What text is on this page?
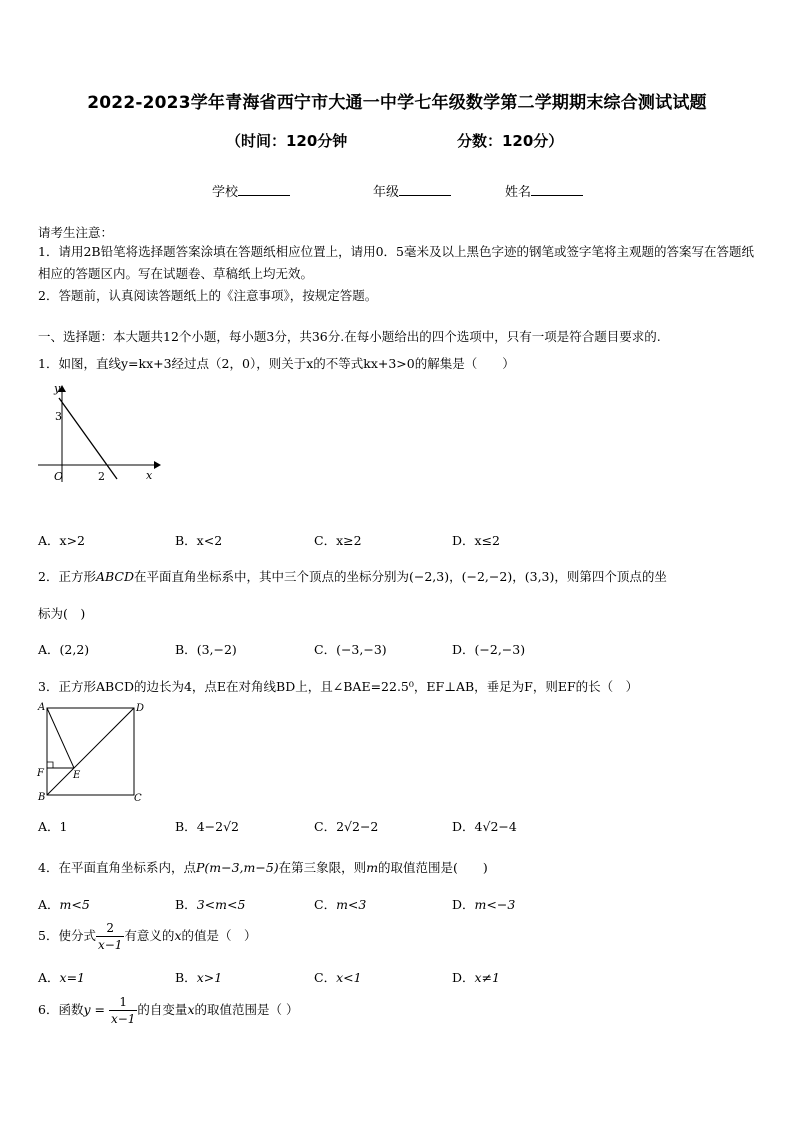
2022-2023学年青海省西宁市大通一中学七年级数学第二学期期末综合测试试题
（时间：120分钟	分数：120分）
学校	年级	姓名
请考生注意：
1．请用2B铅笔将选择题答案涂填在答题纸相应位置上，请用0．5毫米及以上黑色字迹的钢笔或签字笔将主观题的答案写在答题纸相应的答题区内。写在试题卷、草稿纸上均无效。
2．答题前，认真阅读答题纸上的《注意事项》，按规定答题。
一、选择题：本大题共12个小题，每小题3分，共36分.在每小题给出的四个选项中，只有一项是符合题目要求的.
1．如图，直线y=kx+3经过点（2，0），则关于x的不等式kx+3>0的解集是（　　）
y
x
O
3
2
A．x>2	B．x<2	C．x≥2	D．x≤2
2．正方形ABCD在平面直角坐标系中，其中三个顶点的坐标分别为(−2,3)，(−2,−2)，(3,3)，则第四个顶点的坐
标为(　)
A．(2,2)	B．(3,−2)	C．(−3,−3)	D．(−2,−3)
3．正方形ABCD的边长为4，点E在对角线BD上，且∠BAE=22.5⁰，EF⊥AB，垂足为F，则EF的长（　）
A	D
B	C
F	E
A．1	B．4−2√2	C．2√2−2	D．4√2−4
4．在平面直角坐标系内，点P(m−3,m−5)在第三象限，则m的取值范围是(　　)
A．m<5	B．3<m<5	C．m<3	D．m<−3
5．使分式 $\frac{2}{x-1}$ 有意义的x的值是（　）
A．x=1	B．x>1	C．x<1	D．x≠1
6．函数$y = \frac{1}{x-1}$ 的自变量x的取值范围是（ ）
